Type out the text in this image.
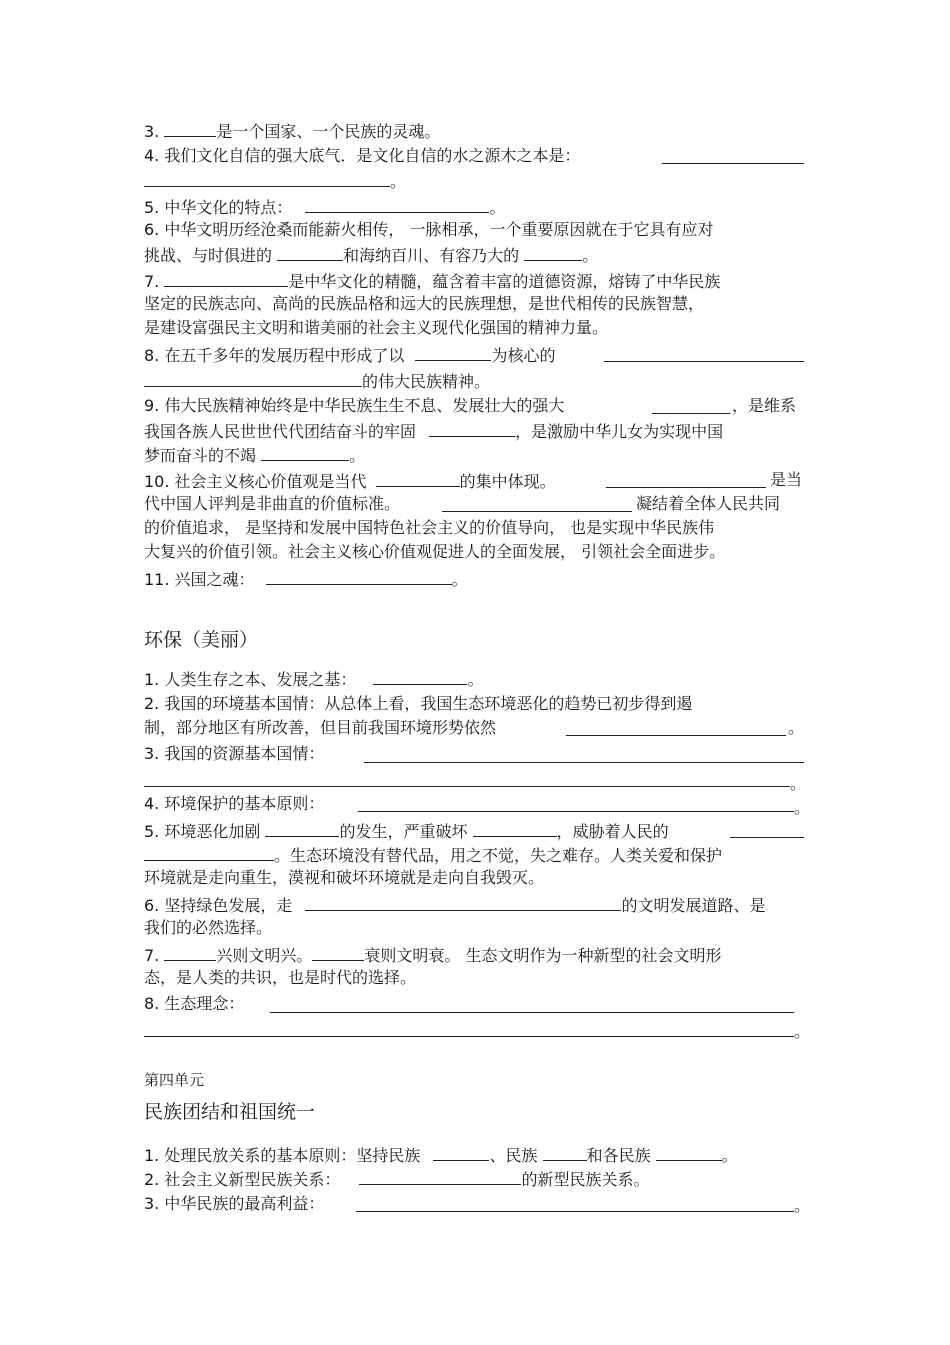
3.	是一个国家、一个民族的灵魂。

4. 我们文化自信的强大底气．是文化自信的水之源木之本是：

。

5. 中华文化的特点：	。

6. 中华文明历经沧桑而能薪火相传， 一脉相承，一个重要原因就在于它具有应对

挑战、与时俱进的	和海纳百川、有容乃大的	。

7.	是中华文化的精髓，蕴含着丰富的道德资源，熔铸了中华民族

坚定的民族志向、高尚的民族品格和远大的民族理想，是世代相传的民族智慧，

是建设富强民主文明和谐美丽的社会主义现代化强国的精神力量。

8. 在五千多年的发展历程中形成了以	为核心的

的伟大民族精神。

9. 伟大民族精神始终是中华民族生生不息、发展壮大的强大	，是维系

我国各族人民世世代代团结奋斗的牢固	，是激励中华儿女为实现中国

梦而奋斗的不竭	。

10. 社会主义核心价值观是当代	的集中体现。	是当

代中国人评判是非曲直的价值标准。	凝结着全体人民共同

的价值追求， 是坚持和发展中国特色社会主义的价值导向， 也是实现中华民族伟

大复兴的价值引领。社会主义核心价值观促进人的全面发展， 引领社会全面进步。

11. 兴国之魂：	。

环保（美丽）

1. 人类生存之本、发展之基：	。

2. 我国的环境基本国情：从总体上看，我国生态环境恶化的趋势已初步得到遏

制，部分地区有所改善，但目前我国环境形势依然	。

3. 我国的资源基本国情：

。

4. 环境保护的基本原则：	。

5. 环境恶化加剧	的发生，严重破坏	，威胁着人民的

。生态环境没有替代品，用之不觉，失之难存。人类关爱和保护

环境就是走向重生，漠视和破坏环境就是走向自我毁灭。

6. 坚持绿色发展，走	的文明发展道路、是

我们的必然选择。

7.	兴则文明兴。	衰则文明衰。 生态文明作为一种新型的社会文明形

态，是人类的共识，也是时代的选择。

8. 生态理念：

。
第四单元
民族团结和祖国统一

1. 处理民放关系的基本原则：坚持民族	、民族	和各民族	。

2. 社会主义新型民族关系：	的新型民族关系。

3. 中华民族的最高利益：	。
